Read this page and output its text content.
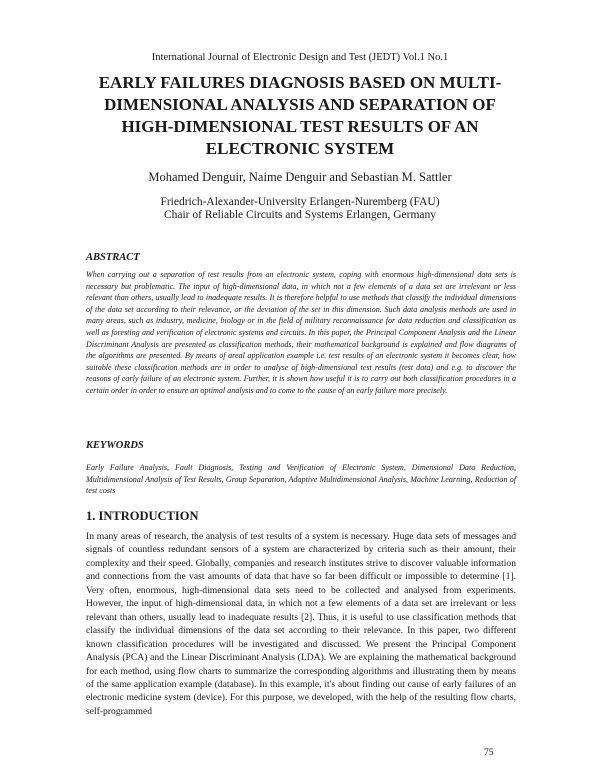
International Journal of Electronic Design and Test (JEDT) Vol.1 No.1
EARLY FAILURES DIAGNOSIS BASED ON MULTI-
DIMENSIONAL ANALYSIS AND SEPARATION OF
HIGH-DIMENSIONAL TEST RESULTS OF AN
ELECTRONIC SYSTEM
Mohamed Denguir, Naime Denguir and Sebastian M. Sattler
Friedrich-Alexander-University Erlangen-Nuremberg (FAU)
Chair of Reliable Circuits and Systems Erlangen, Germany
ABSTRACT
When carrying out a separation of test results from an electronic system, coping with enormous high-dimensional data sets is necessary but problematic. The input of high-dimensional data, in which not a few elements of a data set are irrelevant or less relevant than others, usually lead to inadequate results. It is therefore helpful to use methods that classify the individual dimensions of the data set according to their relevance, or the deviation of the set in this dimension. Such data analysis methods are used in many areas, such as industry, medicine, biology or in the field of military reconnaissance for data reduction and classification as well as foresting and verification of electronic systems and circuits. In this paper, the Principal Component Analysis and the Linear Discriminant Analysis are presented as classification methods, their mathematical background is explained and flow diagrams of the algorithms are presented. By means of areal application example i.e. test results of an electronic system it becomes clear, how suitable these classification methods are in order to analyse of high-dimensional test results (test data) and e.g. to discover the reasons of early failure of an electronic system. Further, it is shown how useful it is to carry out both classification procedures in a certain order in order to ensure an optimal analysis and to come to the cause of an early failure more precisely.
KEYWORDS
Early Failure Analysis, Fault Diagnosis, Testing and Verification of Electronic System, Dimensional Data Reduction, Multidimensional Analysis of Test Results, Group Separation, Adaptive Multidimensional Analysis, Machine Learning, Reduction of test costs
1. INTRODUCTION
In many areas of research, the analysis of test results of a system is necessary. Huge data sets of messages and signals of countless redundant sensors of a system are characterized by criteria such as their amount, their complexity and their speed. Globally, companies and research institutes strive to discover valuable information and connections from the vast amounts of data that have so far been difficult or impossible to determine [1]. Very often, enormous, high-dimensional data sets need to be collected and analysed from experiments. However, the input of high-dimensional data, in which not a few elements of a data set are irrelevant or less relevant than others, usually lead to inadequate results [2]. Thus, it is useful to use classification methods that classify the individual dimensions of the data set according to their relevance. In this paper, two different known classification procedures will be investigated and discussed. We present the Principal Component Analysis (PCA) and the Linear Discriminant Analysis (LDA). We are explaining the mathematical background for each method, using flow charts to summarize the corresponding algorithms and illustrating them by means of the same application example (database). In this example, it's about finding out cause of early failures of an electronic medicine system (device). For this purpose, we developed, with the help of the resulting flow charts, self-programmed
75
